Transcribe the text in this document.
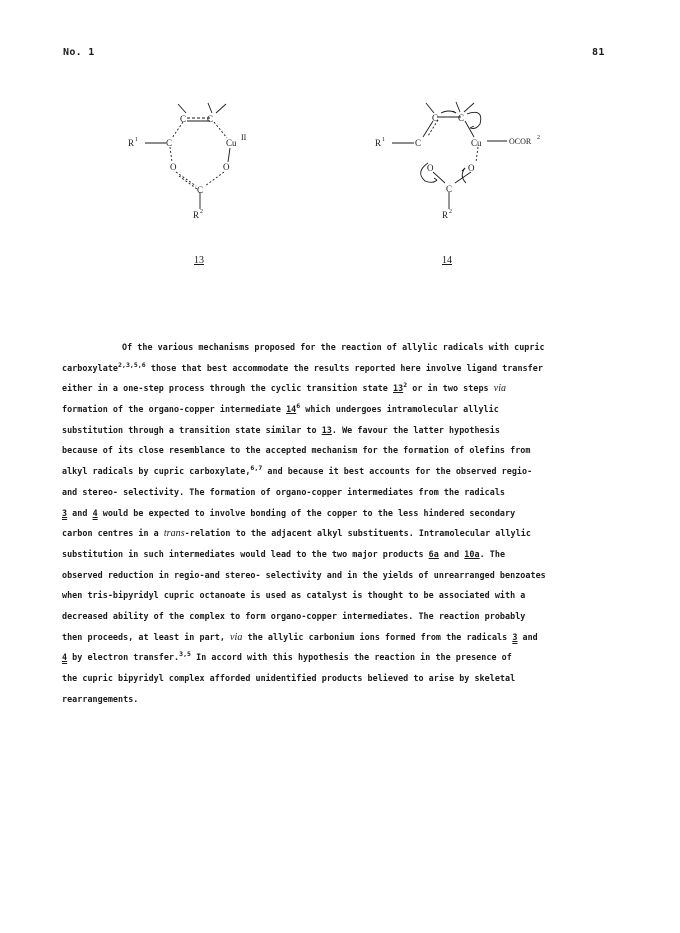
No. 1	81
C C
R 1	C	Cu
II
O	O
C
R 2
13
C C
R 1	C	Cu	OCOR 2
O	O
C
R 2
14
Of the various mechanisms proposed for the reaction of allylic radicals with cupric
carboxylate$^{2,3,5,6}$ those that best accommodate the results reported here involve ligand transfer
either in a one-step process through the cyclic transition state $13^2$ or in two steps via
formation of the organo-copper intermediate $14^6$ which undergoes intramolecular allylic
substitution through a transition state similar to 13. We favour the latter hypothesis
because of its close resemblance to the accepted mechanism for the formation of olefins from
alkyl radicals by cupric carboxylate,$^{6,7}$ and because it best accounts for the observed regio-
and stereo- selectivity. The formation of organo-copper intermediates from the radicals
3 and 4 would be expected to involve bonding of the copper to the less hindered secondary
carbon centres in a trans-relation to the adjacent alkyl substituents. Intramolecular allylic
substitution in such intermediates would lead to the two major products 6a and 10a. The
observed reduction in regio-and stereo- selectivity and in the yields of unrearranged benzoates
when tris-bipyridyl cupric octanoate is used as catalyst is thought to be associated with a
decreased ability of the complex to form organo-copper intermediates. The reaction probably
then proceeds, at least in part, via the allylic carbonium ions formed from the radicals 3 and
4 by electron transfer.$^{3,5}$ In accord with this hypothesis the reaction in the presence of
the cupric bipyridyl complex afforded unidentified products believed to arise by skeletal
rearrangements.
